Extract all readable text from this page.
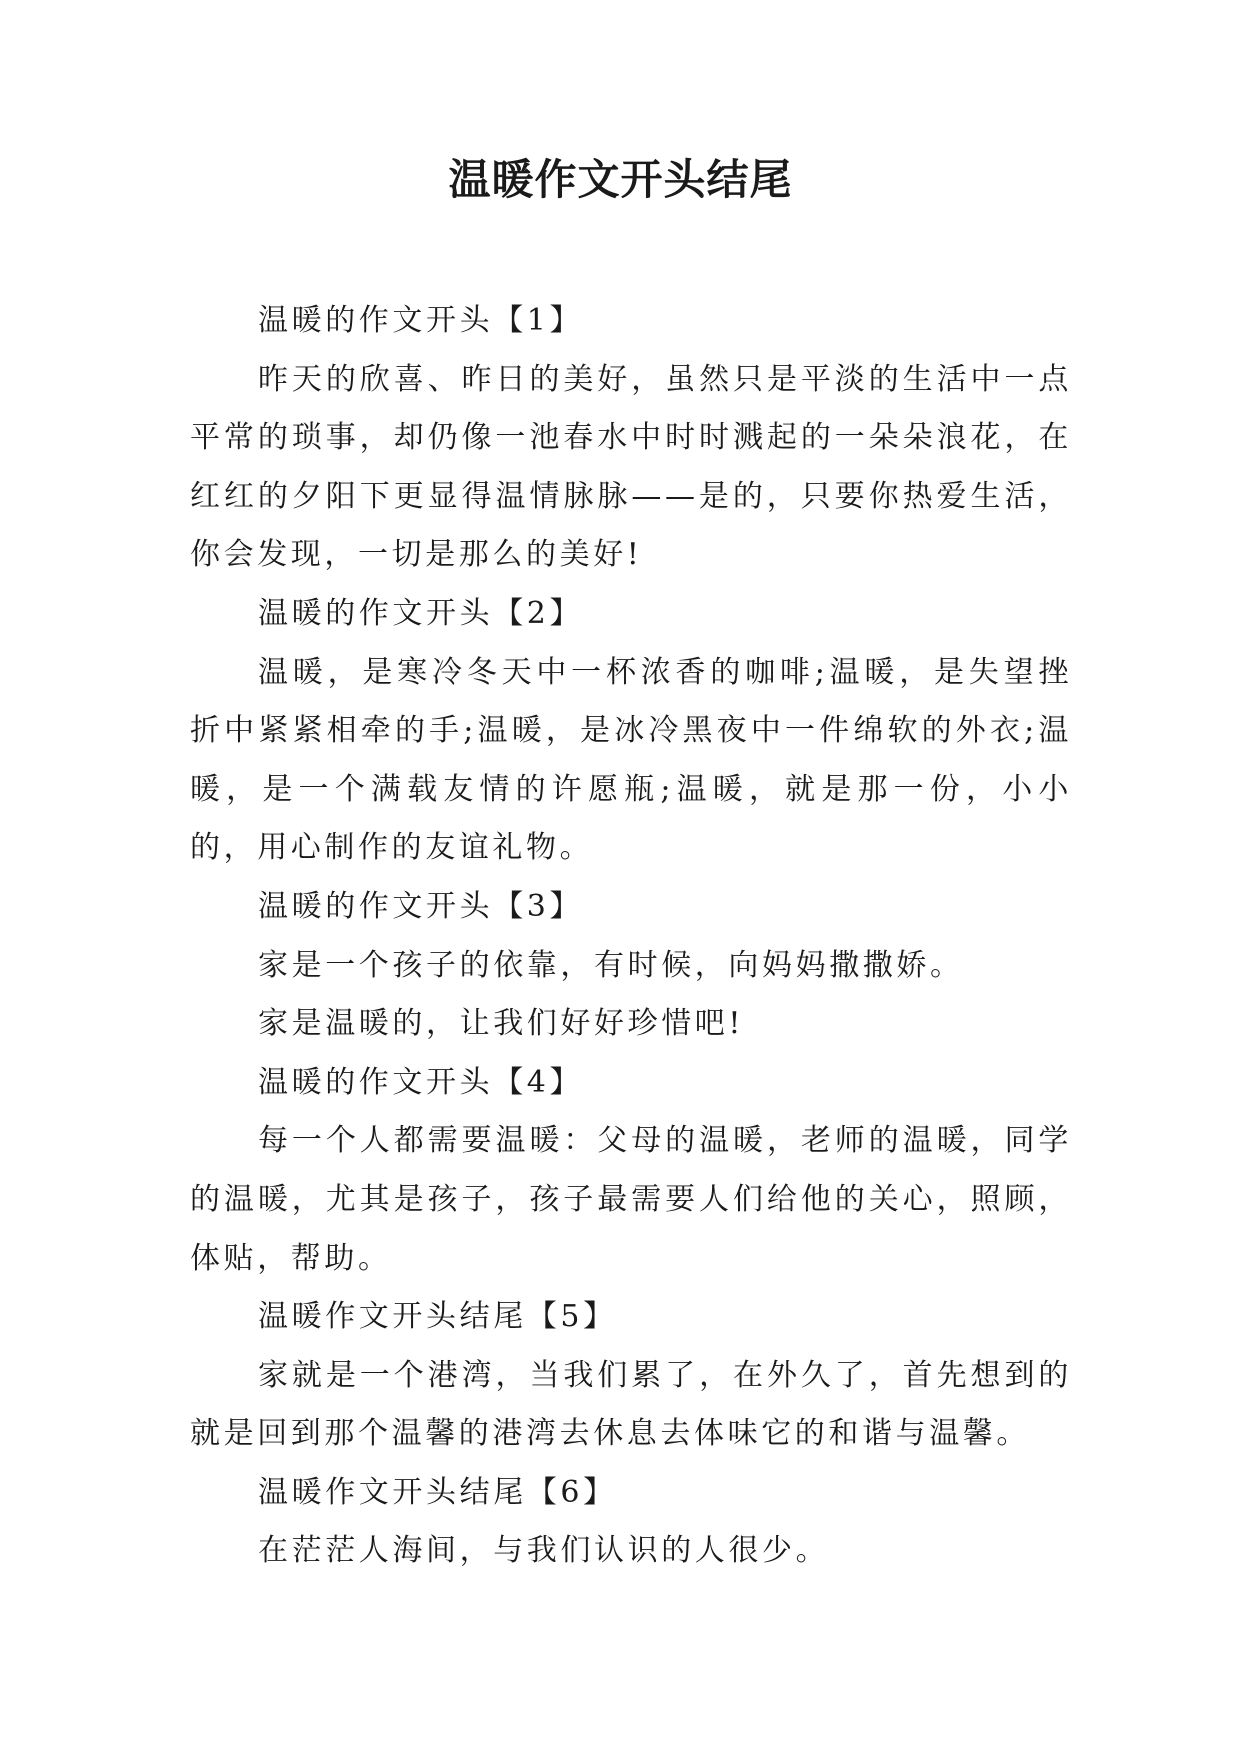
温暖作文开头结尾

温暖的作文开头【1】

昨天的欣喜、昨日的美好，虽然只是平淡的生活中一点平常的琐事，却仍像一池春水中时时溅起的一朵朵浪花，在红红的夕阳下更显得温情脉脉——是的，只要你热爱生活，你会发现，一切是那么的美好!

温暖的作文开头【2】

温暖，是寒冷冬天中一杯浓香的咖啡;温暖，是失望挫折中紧紧相牵的手;温暖，是冰冷黑夜中一件绵软的外衣;温暖，是一个满载友情的许愿瓶;温暖，就是那一份，小小的，用心制作的友谊礼物。

温暖的作文开头【3】

家是一个孩子的依靠，有时候，向妈妈撒撒娇。

家是温暖的，让我们好好珍惜吧!

温暖的作文开头【4】

每一个人都需要温暖：父母的温暖，老师的温暖，同学的温暖，尤其是孩子，孩子最需要人们给他的关心，照顾，体贴，帮助。

温暖作文开头结尾【5】

家就是一个港湾，当我们累了，在外久了，首先想到的就是回到那个温馨的港湾去休息去体味它的和谐与温馨。

温暖作文开头结尾【6】

在茫茫人海间，与我们认识的人很少。
